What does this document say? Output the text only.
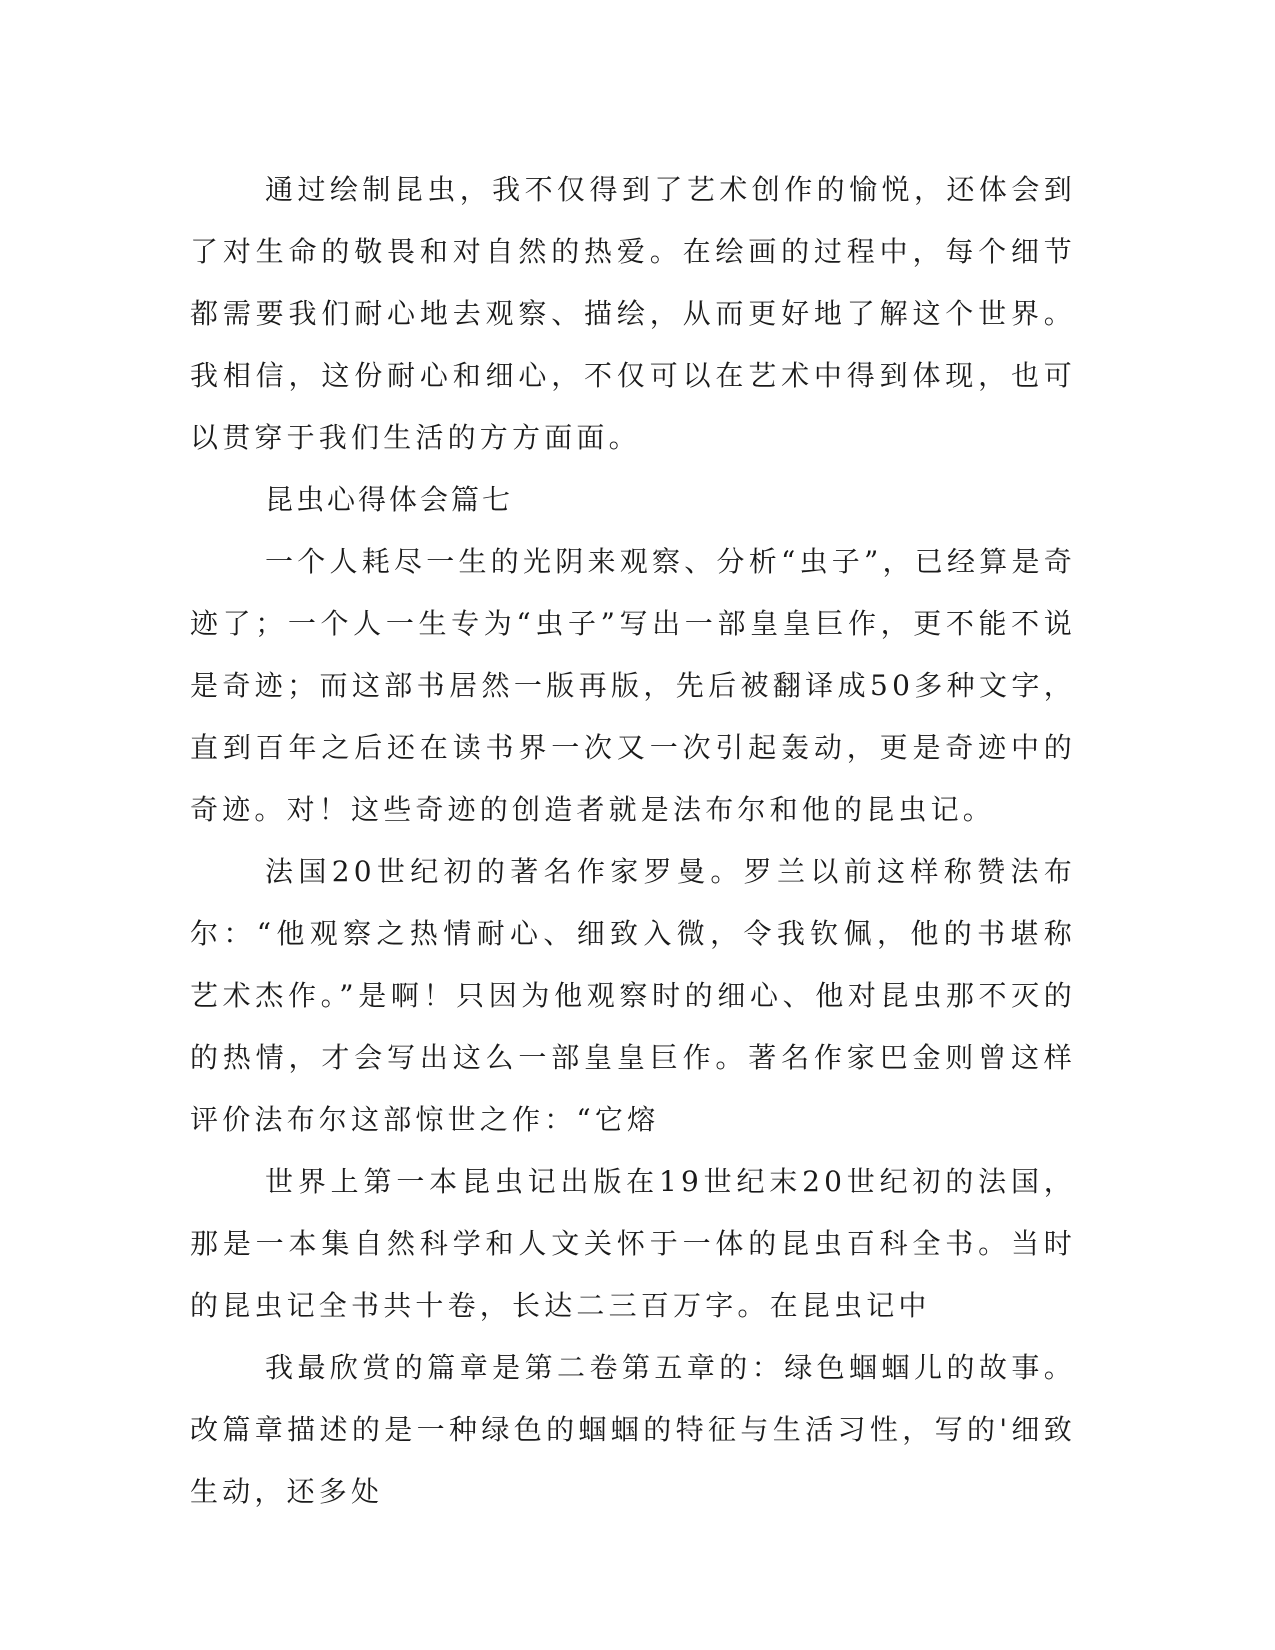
通过绘制昆虫，我不仅得到了艺术创作的愉悦，还体会到了对生命的敬畏和对自然的热爱。在绘画的过程中，每个细节都需要我们耐心地去观察、描绘，从而更好地了解这个世界。我相信，这份耐心和细心，不仅可以在艺术中得到体现，也可以贯穿于我们生活的方方面面。

昆虫心得体会篇七

一个人耗尽一生的光阴来观察、分析“虫子”，已经算是奇迹了；一个人一生专为“虫子”写出一部皇皇巨作，更不能不说是奇迹；而这部书居然一版再版，先后被翻译成50多种文字，直到百年之后还在读书界一次又一次引起轰动，更是奇迹中的奇迹。对！这些奇迹的创造者就是法布尔和他的昆虫记。

法国20世纪初的著名作家罗曼。罗兰以前这样称赞法布尔：“他观察之热情耐心、细致入微，令我钦佩，他的书堪称艺术杰作。”是啊！只因为他观察时的细心、他对昆虫那不灭的的热情，才会写出这么一部皇皇巨作。著名作家巴金则曾这样评价法布尔这部惊世之作：“它熔

世界上第一本昆虫记出版在19世纪末20世纪初的法国，那是一本集自然科学和人文关怀于一体的昆虫百科全书。当时的昆虫记全书共十卷，长达二三百万字。在昆虫记中

我最欣赏的篇章是第二卷第五章的：绿色蝈蝈儿的故事。改篇章描述的是一种绿色的蝈蝈的特征与生活习性，写的'细致生动，还多处
